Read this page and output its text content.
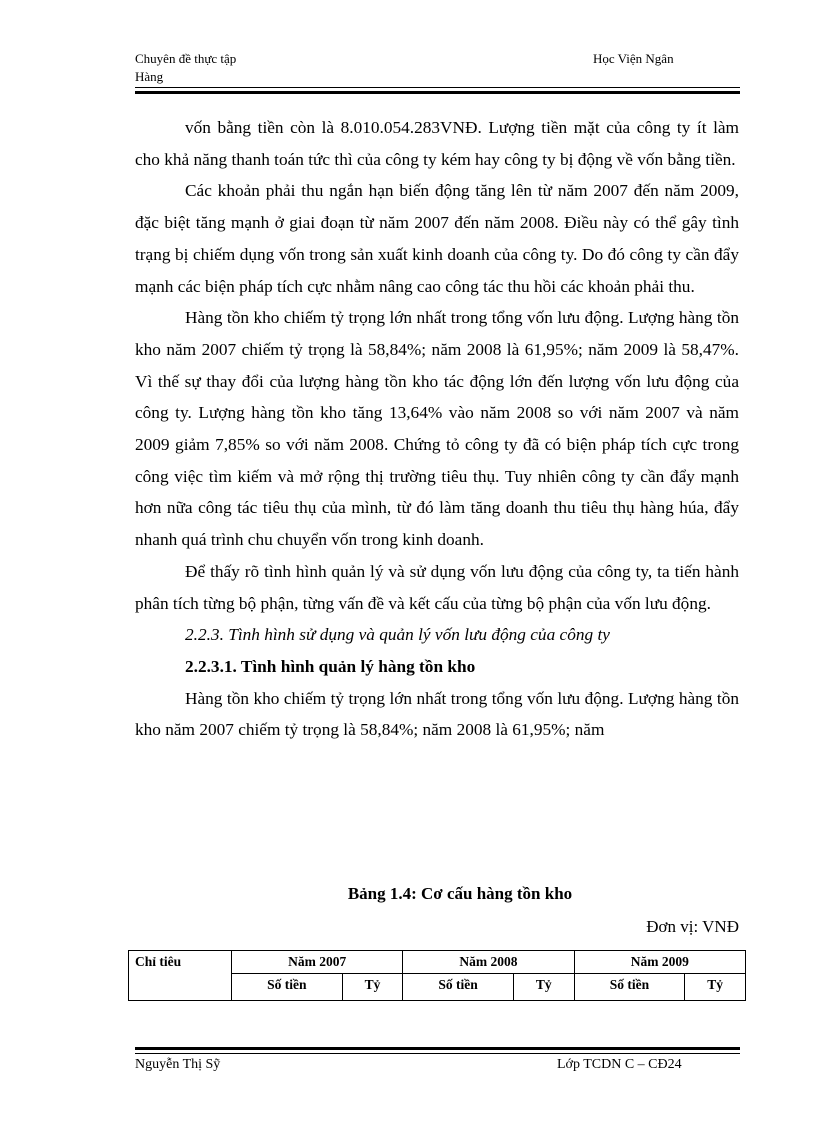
Chuyên đề thực tập
Hàng
Học Viện Ngân

vốn bằng tiền còn là 8.010.054.283VNĐ. Lượng tiền mặt của công ty ít làm cho khả năng thanh toán tức thì của công ty kém hay công ty bị động về vốn bằng tiền.

Các khoản phải thu ngắn hạn biến động tăng lên từ năm 2007 đến năm 2009, đặc biệt tăng mạnh ở giai đoạn từ năm 2007 đến năm 2008. Điều này có thể gây tình trạng bị chiếm dụng vốn trong sản xuất kinh doanh của công ty. Do đó công ty cần đẩy mạnh các biện pháp tích cực nhằm nâng cao công tác thu hồi các khoản phải thu.

Hàng tồn kho chiếm tỷ trọng lớn nhất trong tổng vốn lưu động. Lượng hàng tồn kho năm 2007 chiếm tỷ trọng là 58,84%; năm 2008 là 61,95%; năm 2009 là 58,47%. Vì thế sự thay đổi của lượng hàng tồn kho tác động lớn đến lượng vốn lưu động của công ty. Lượng hàng tồn kho tăng 13,64% vào năm 2008 so với năm 2007 và năm 2009 giảm 7,85% so với năm 2008. Chứng tỏ công ty đã có biện pháp tích cực trong công việc tìm kiếm và mở rộng thị trường tiêu thụ. Tuy nhiên công ty cần đẩy mạnh hơn nữa công tác tiêu thụ của mình, từ đó làm tăng doanh thu tiêu thụ hàng húa, đẩy nhanh quá trình chu chuyển vốn trong kinh doanh.

Để thấy rõ tình hình quản lý và sử dụng vốn lưu động của công ty, ta tiến hành phân tích từng bộ phận, từng vấn đề và kết cấu của từng bộ phận của vốn lưu động.

2.2.3. Tình hình sử dụng và quản lý vốn lưu động của công ty

2.2.3.1. Tình hình quản lý hàng tồn kho

Hàng tồn kho chiếm tỷ trọng lớn nhất trong tổng vốn lưu động. Lượng hàng tồn kho năm 2007 chiếm tỷ trọng là 58,84%; năm 2008 là 61,95%; năm

Bảng 1.4: Cơ cấu hàng tồn kho
Đơn vị: VNĐ
Chỉ tiêu	Năm 2007		Năm 2008		Năm 2009	
	Số tiền	Tỷ	Số tiền	Tỷ	Số tiền	Tỷ
Nguyễn Thị Sỹ	Lớp TCDN C – CĐ24
